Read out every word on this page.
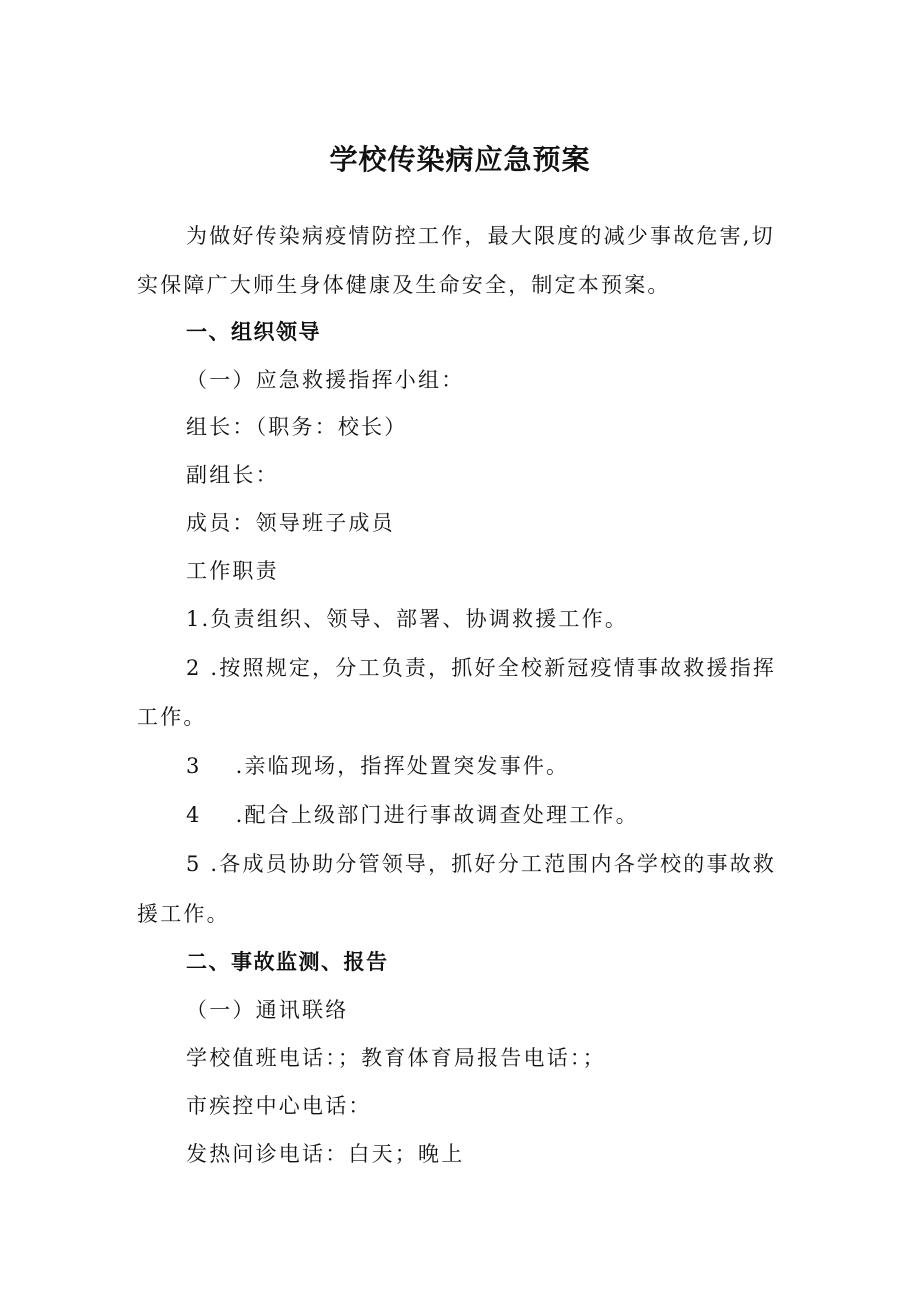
学校传染病应急预案
为做好传染病疫情防控工作，最大限度的减少事故危害,切
实保障广大师生身体健康及生命安全，制定本预案。
一、组织领导
（一）应急救援指挥小组：
组长：（职务：校长）
副组长：
成员：领导班子成员
工作职责
1.负责组织、领导、部署、协调救援工作。
2 .按照规定，分工负责，抓好全校新冠疫情事故救援指挥
工作。
3 .亲临现场，指挥处置突发事件。
4 .配合上级部门进行事故调查处理工作。
5 .各成员协助分管领导，抓好分工范围内各学校的事故救
援工作。
二、事故监测、报告
（一）通讯联络
学校值班电话：；教育体育局报告电话：；
市疾控中心电话：
发热问诊电话：白天；晚上
